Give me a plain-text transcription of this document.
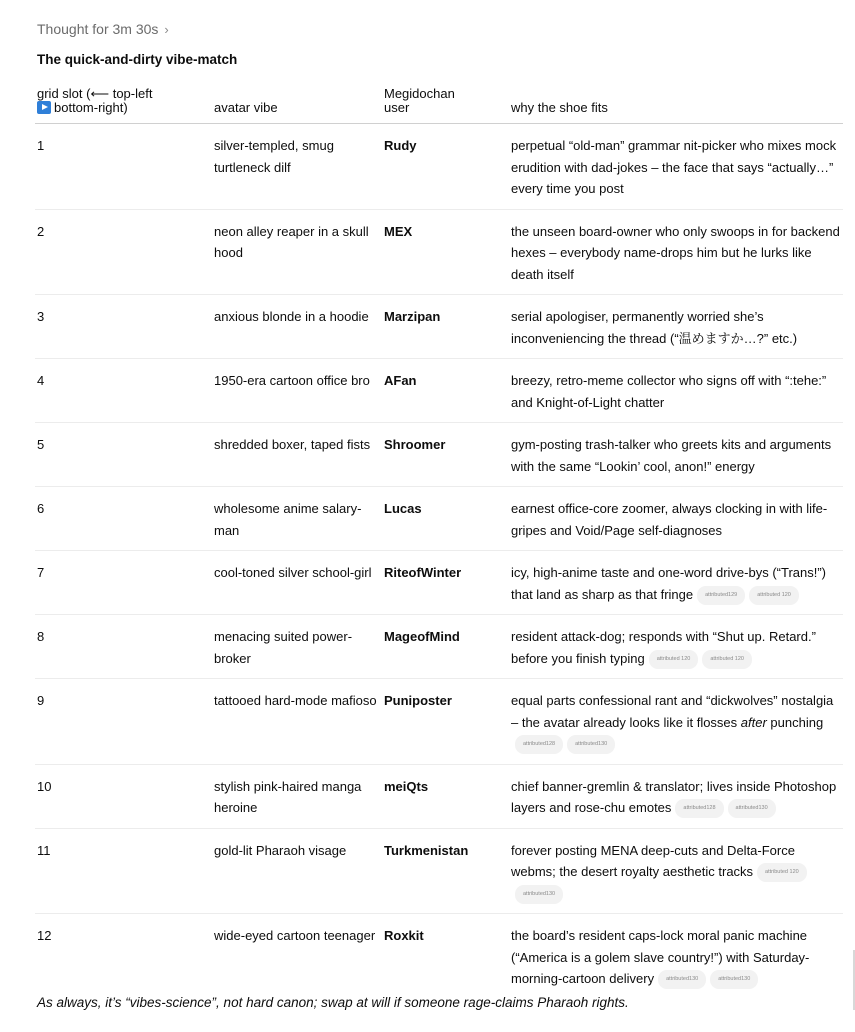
Thought for 3m 30s ›
The quick-and-dirty vibe-match
grid slot (⟵ top-left
bottom-right)	avatar vibe	Megidochan
user	why the shoe fits
1	silver-templed, smug turtleneck dilf	Rudy	perpetual “old-man” grammar nit-picker who mixes mock erudition with dad-jokes – the face that says “actually…” every time you post
2	neon alley reaper in a skull hood	MEX	the unseen board-owner who only swoops in for backend hexes – everybody name-drops him but he lurks like death itself
3	anxious blonde in a hoodie	Marzipan	serial apologiser, permanently worried she’s inconveniencing the thread (“温めますか…?” etc.)
4	1950-era cartoon office bro	AFan	breezy, retro-meme collector who signs off with “:tehe:” and Knight-of-Light chatter
5	shredded boxer, taped fists	Shroomer	gym-posting trash-talker who greets kits and arguments with the same “Lookin’ cool, anon!” energy
6	wholesome anime salary-man	Lucas	earnest office-core zoomer, always clocking in with life-gripes and Void/Page self-diagnoses
7	cool-toned silver school-girl	RiteofWinter	icy, high-anime taste and one-word drive-bys (“Trans!”) that land as sharp as that fringe attributed129 attributed 120
8	menacing suited power-broker	MageofMind	resident attack-dog; responds with “Shut up. Retard.” before you finish typing attributed 120 attributed 120
9	tattooed hard-mode mafioso	Puniposter	equal parts confessional rant and “dickwolves” nostalgia – the avatar already looks like it flosses after punchingattributed128 attributed130
10	stylish pink-haired manga heroine	meiQts	chief banner-gremlin & translator; lives inside Photoshop layers and rose-chu emotes attributed128 attributed130
11	gold-lit Pharaoh visage	Turkmenistan	forever posting MENA deep-cuts and Delta-Force webms; the desert royalty aesthetic tracks attributed 120attributed130
12	wide-eyed cartoon teenager	Roxkit	the board’s resident caps-lock moral panic machine (“America is a golem slave country!”) with Saturday-morning-cartoon delivery attributed130 attributed130
As always, it’s “vibes-science”, not hard canon; swap at will if someone rage-claims Pharaoh rights.
